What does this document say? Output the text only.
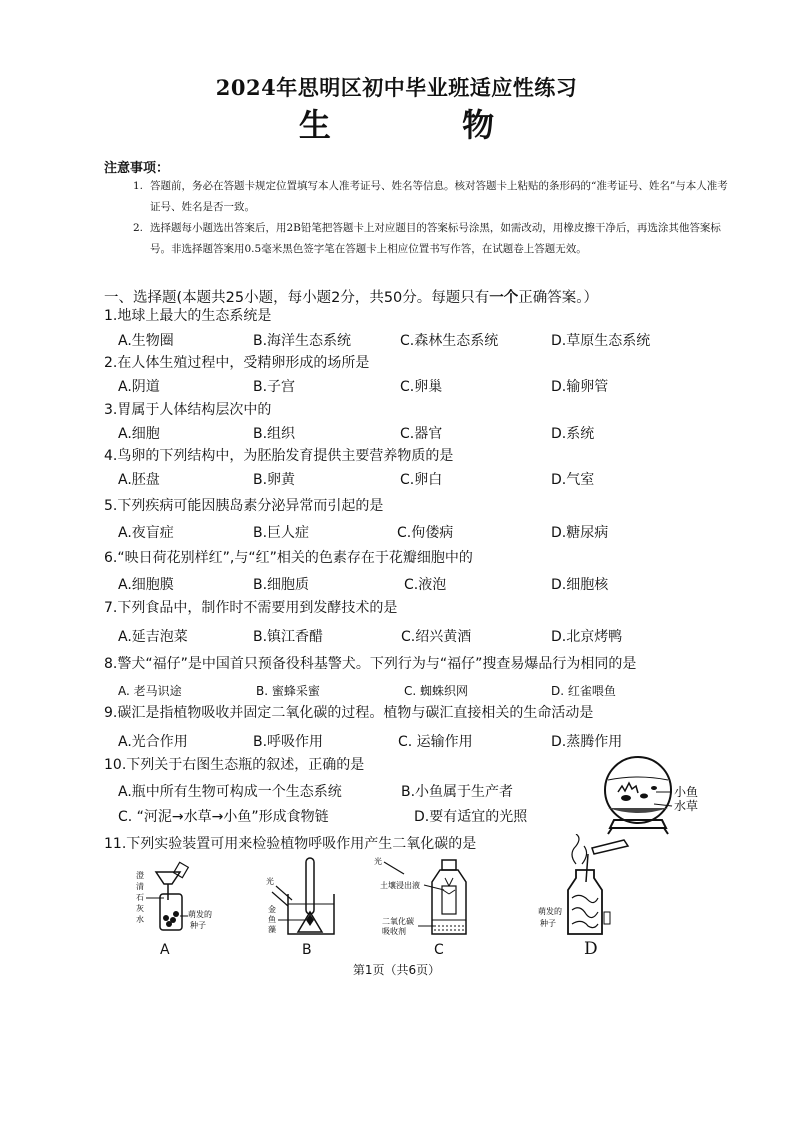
2024年思明区初中毕业班适应性练习
生 物
注意事项：
1. 答题前，务必在答题卡规定位置填写本人准考证号、姓名等信息。核对答题卡上粘贴的条形码的“准考证号、姓名”与本人准考证号、姓名是否一致。
2. 选择题每小题选出答案后，用2B铅笔把答题卡上对应题目的答案标号涂黑，如需改动，用橡皮擦干净后，再选涂其他答案标号。非选择题答案用0.5毫米黑色签字笔在答题卡上相应位置书写作答，在试题卷上答题无效。
一、选择题(本题共25小题，每小题2分，共50分。每题只有一个正确答案。）
1.地球上最大的生态系统是
A.生物圈	B.海洋生态系统	C.森林生态系统	D.草原生态系统
2.在人体生殖过程中，受精卵形成的场所是
A.阴道	B.子宫	C.卵巢	D.输卵管
3.胃属于人体结构层次中的
A.细胞	B.组织	C.器官	D.系统
4.鸟卵的下列结构中，为胚胎发育提供主要营养物质的是
A.胚盘	B.卵黄	C.卵白	D.气室
5.下列疾病可能因胰岛素分泌异常而引起的是
A.夜盲症	B.巨人症	C.佝偻病	D.糖尿病
6.“映日荷花别样红”,与“红”相关的色素存在于花瓣细胞中的
A.细胞膜	B.细胞质	C.液泡	D.细胞核
7.下列食品中，制作时不需要用到发酵技术的是
A.延吉泡菜	B.镇江香醋	C.绍兴黄酒	D.北京烤鸭
8.警犬“福仔”是中国首只预备役科基警犬。下列行为与“福仔”搜查易爆品行为相同的是
A. 老马识途	B. 蜜蜂采蜜	C. 蜘蛛织网	D. 红雀喂鱼
9.碳汇是指植物吸收并固定二氧化碳的过程。植物与碳汇直接相关的生命活动是
A.光合作用	B.呼吸作用	C. 运输作用	D.蒸腾作用
10.下列关于右图生态瓶的叙述，正确的是
A.瓶中所有生物可构成一个生态系统	B.小鱼属于生产者
C. “河泥→水草→小鱼”形成食物链	D.要有适宜的光照
小鱼
水草
11.下列实验装置可用来检验植物呼吸作用产生二氧化碳的是
澄
清
石
灰
水
萌发的
种子
A
光
金
鱼
藻
B
光
土壤浸出液
二氧化碳
吸收剂
C
萌发的
种子
D
第1页（共6页）
